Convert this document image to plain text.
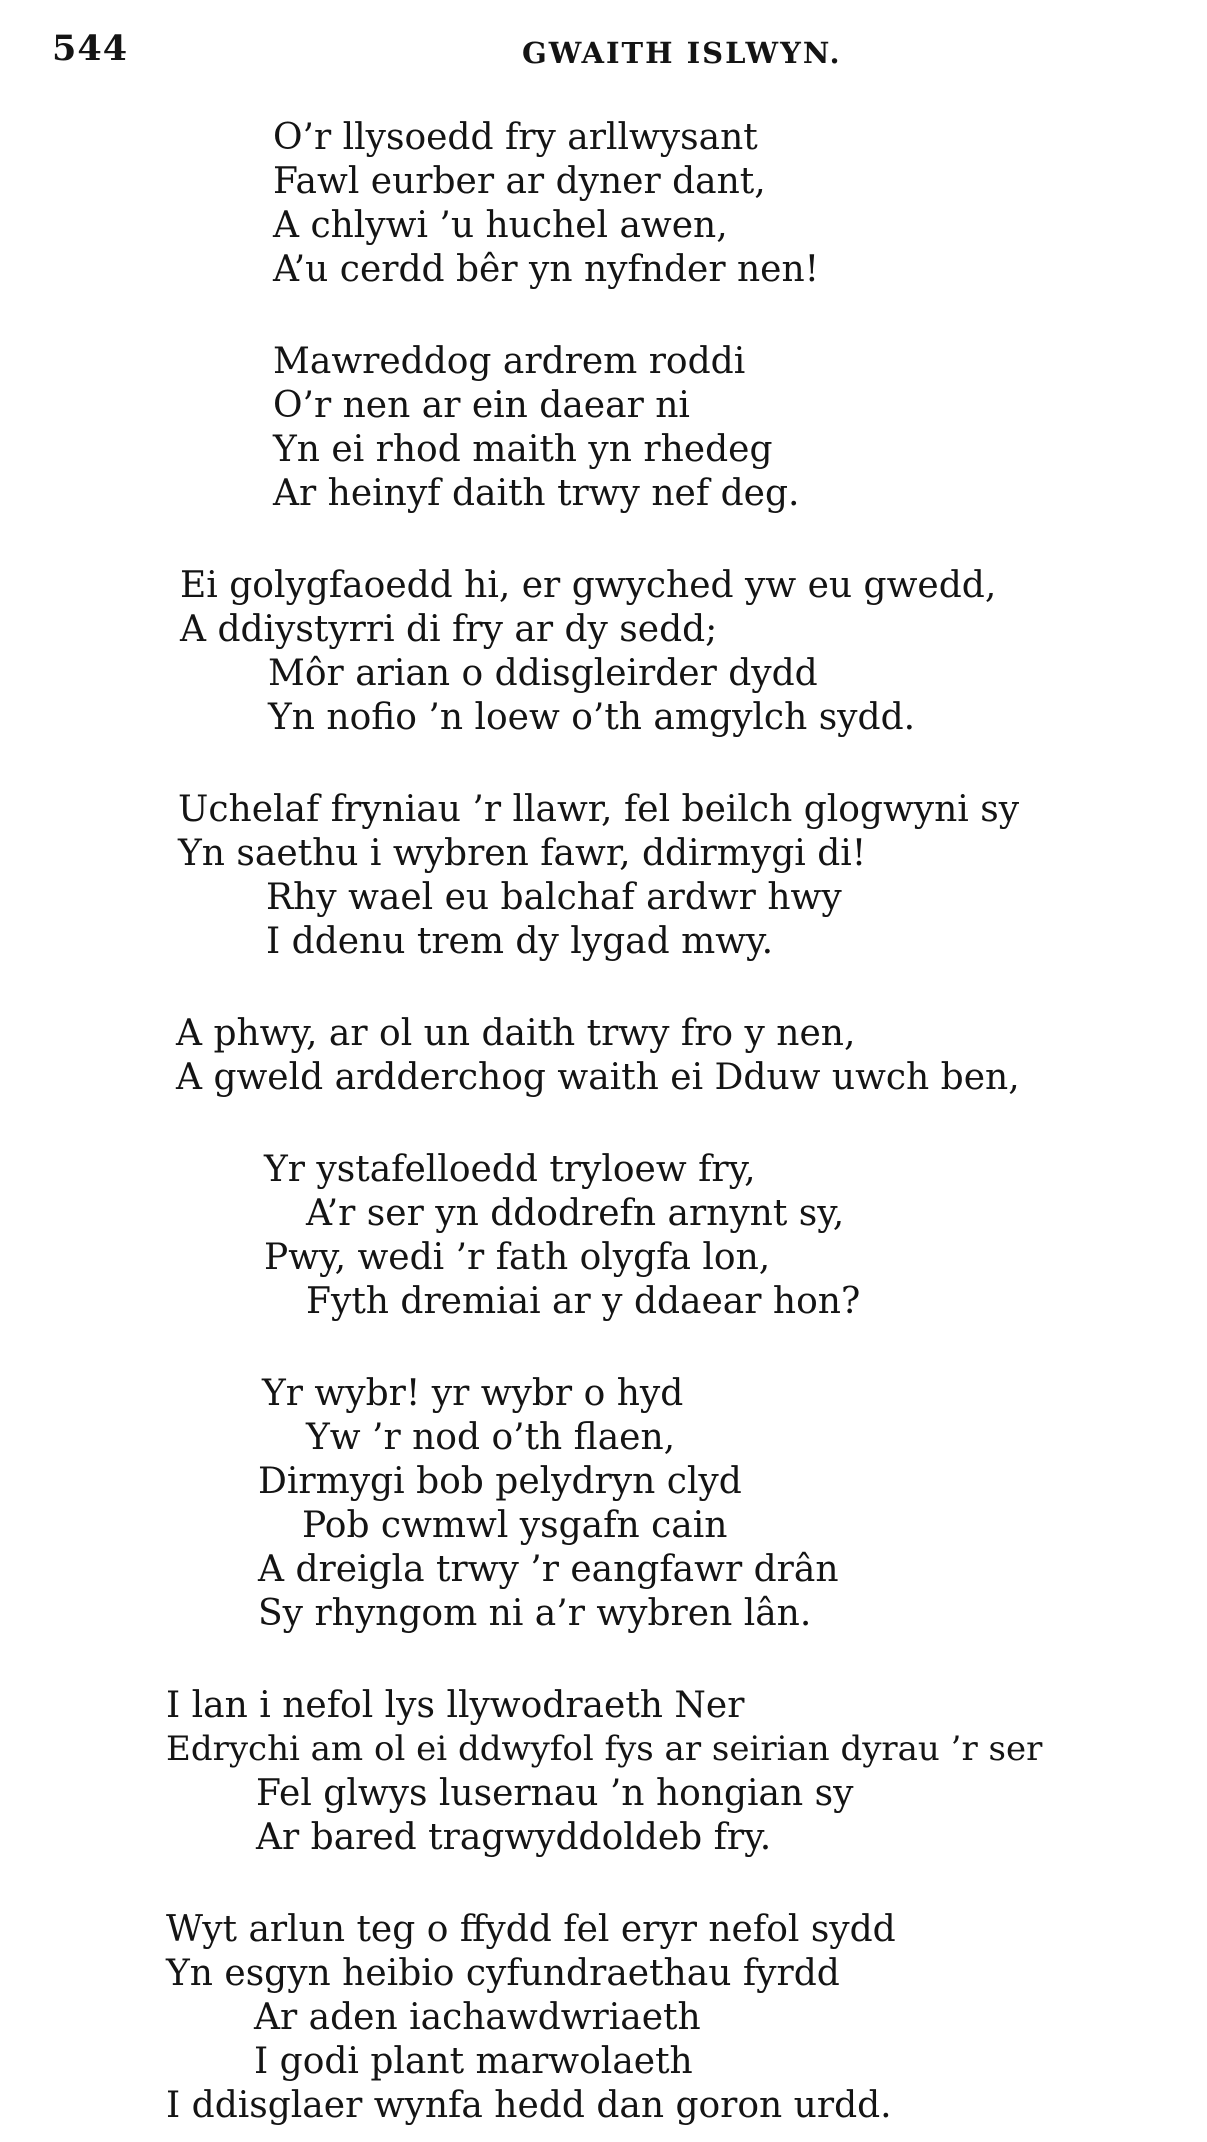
544	GWAITH ISLWYN.
O’r llysoedd fry arllwysant
Fawl eurber ar dyner dant,
A chlywi ’u huchel awen,
A’u cerdd bêr yn nyfnder nen!
Mawreddog ardrem roddi
O’r nen ar ein daear ni
Yn ei rhod maith yn rhedeg
Ar heinyf daith trwy nef deg.
Ei golygfaoedd hi, er gwyched yw eu gwedd,
A ddiystyrri di fry ar dy sedd;
Môr arian o ddisgleirder dydd
Yn nofio ’n loew o’th amgylch sydd.
Uchelaf fryniau ’r llawr, fel beilch glogwyni sy
Yn saethu i wybren fawr, ddirmygi di!
Rhy wael eu balchaf ardwr hwy
I ddenu trem dy lygad mwy.
A phwy, ar ol un daith trwy fro y nen,
A gweld ardderchog waith ei Dduw uwch ben,
Yr ystafelloedd tryloew fry,
A’r ser yn ddodrefn arnynt sy,
Pwy, wedi ’r fath olygfa lon,
Fyth dremiai ar y ddaear hon?
Yr wybr! yr wybr o hyd
Yw ’r nod o’th flaen,
Dirmygi bob pelydryn clyd
Pob cwmwl ysgafn cain
A dreigla trwy ’r eangfawr drân
Sy rhyngom ni a’r wybren lân.
I lan i nefol lys llywodraeth Ner
Edrychi am ol ei ddwyfol fys ar seirian dyrau ’r ser
Fel glwys lusernau ’n hongian sy
Ar bared tragwyddoldeb fry.
Wyt arlun teg o ffydd fel eryr nefol sydd
Yn esgyn heibio cyfundraethau fyrdd
Ar aden iachawdwriaeth
I godi plant marwolaeth
I ddisglaer wynfa hedd dan goron urdd.
